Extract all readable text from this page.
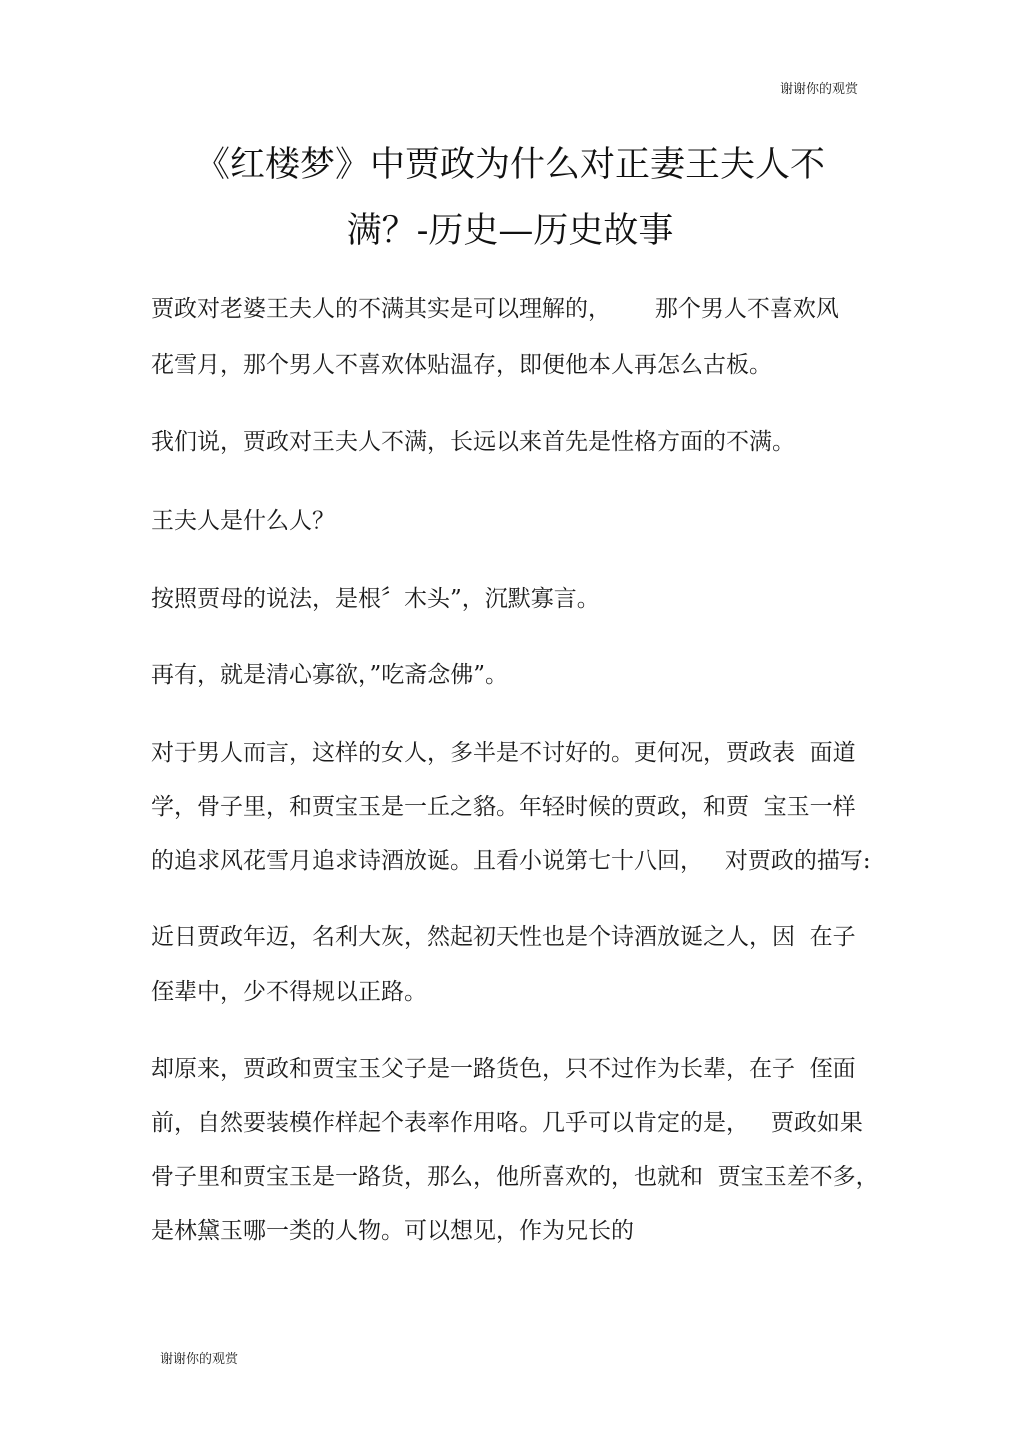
谢谢你的观赏
《红楼梦》中贾政为什么对正妻王夫人不
满？-历史—历史故事
贾政对老婆王夫人的不满其实是可以理解的，      那个男人不喜欢风
花雪月，那个男人不喜欢体贴温存，即便他本人再怎么古板。
我们说，贾政对王夫人不满，长远以来首先是性格方面的不满。
王夫人是什么人？
按照贾母的说法，是根〞木头”，沉默寡言。
再有，就是清心寡欲，”吃斋念佛”。
对于男人而言，这样的女人，多半是不讨好的。更何况，贾政表  面道
学，骨子里，和贾宝玉是一丘之貉。年轻时候的贾政，和贾  宝玉一样
的追求风花雪月追求诗酒放诞。且看小说第七十八回，   对贾政的描写:
近日贾政年迈，名利大灰，然起初天性也是个诗酒放诞之人，因  在子
侄辈中，少不得规以正路。
却原来，贾政和贾宝玉父子是一路货色，只不过作为长辈，在子  侄面
前，自然要装模作样起个表率作用咯。几乎可以肯定的是，   贾政如果
骨子里和贾宝玉是一路货，那么，他所喜欢的，也就和  贾宝玉差不多，
是林黛玉哪一类的人物。可以想见，作为兄长的
谢谢你的观赏
